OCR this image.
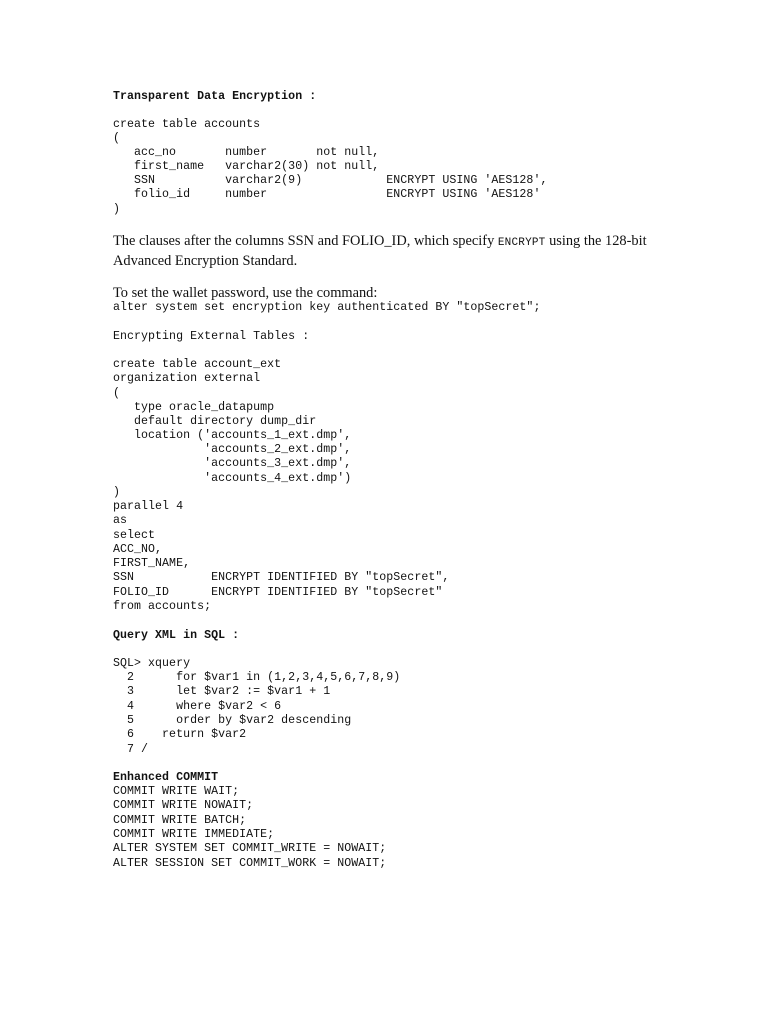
Transparent Data Encryption :
create table accounts
(
acc_no       number       not null,
first_name   varchar2(30) not null,
SSN          varchar2(9)            ENCRYPT USING 'AES128',
folio_id     number                 ENCRYPT USING 'AES128'
)
The clauses after the columns SSN and FOLIO_ID, which specify ENCRYPT using the 128-bit Advanced Encryption Standard.
To set the wallet password, use the command:
alter system set encryption key authenticated BY "topSecret";
Encrypting External Tables :
create table account_ext
organization external
(
type oracle_datapump
default directory dump_dir
location ('accounts_1_ext.dmp',
'accounts_2_ext.dmp',
'accounts_3_ext.dmp',
'accounts_4_ext.dmp')
)
parallel 4
as
select
ACC_NO,
FIRST_NAME,
SSN           ENCRYPT IDENTIFIED BY "topSecret",
FOLIO_ID      ENCRYPT IDENTIFIED BY "topSecret"
from accounts;
Query XML in SQL :
SQL> xquery
2      for $var1 in (1,2,3,4,5,6,7,8,9)
3      let $var2 := $var1 + 1
4      where $var2 < 6
5      order by $var2 descending
6    return $var2
7 /
Enhanced COMMIT
COMMIT WRITE WAIT;
COMMIT WRITE NOWAIT;
COMMIT WRITE BATCH;
COMMIT WRITE IMMEDIATE;
ALTER SYSTEM SET COMMIT_WRITE = NOWAIT;
ALTER SESSION SET COMMIT_WORK = NOWAIT;
